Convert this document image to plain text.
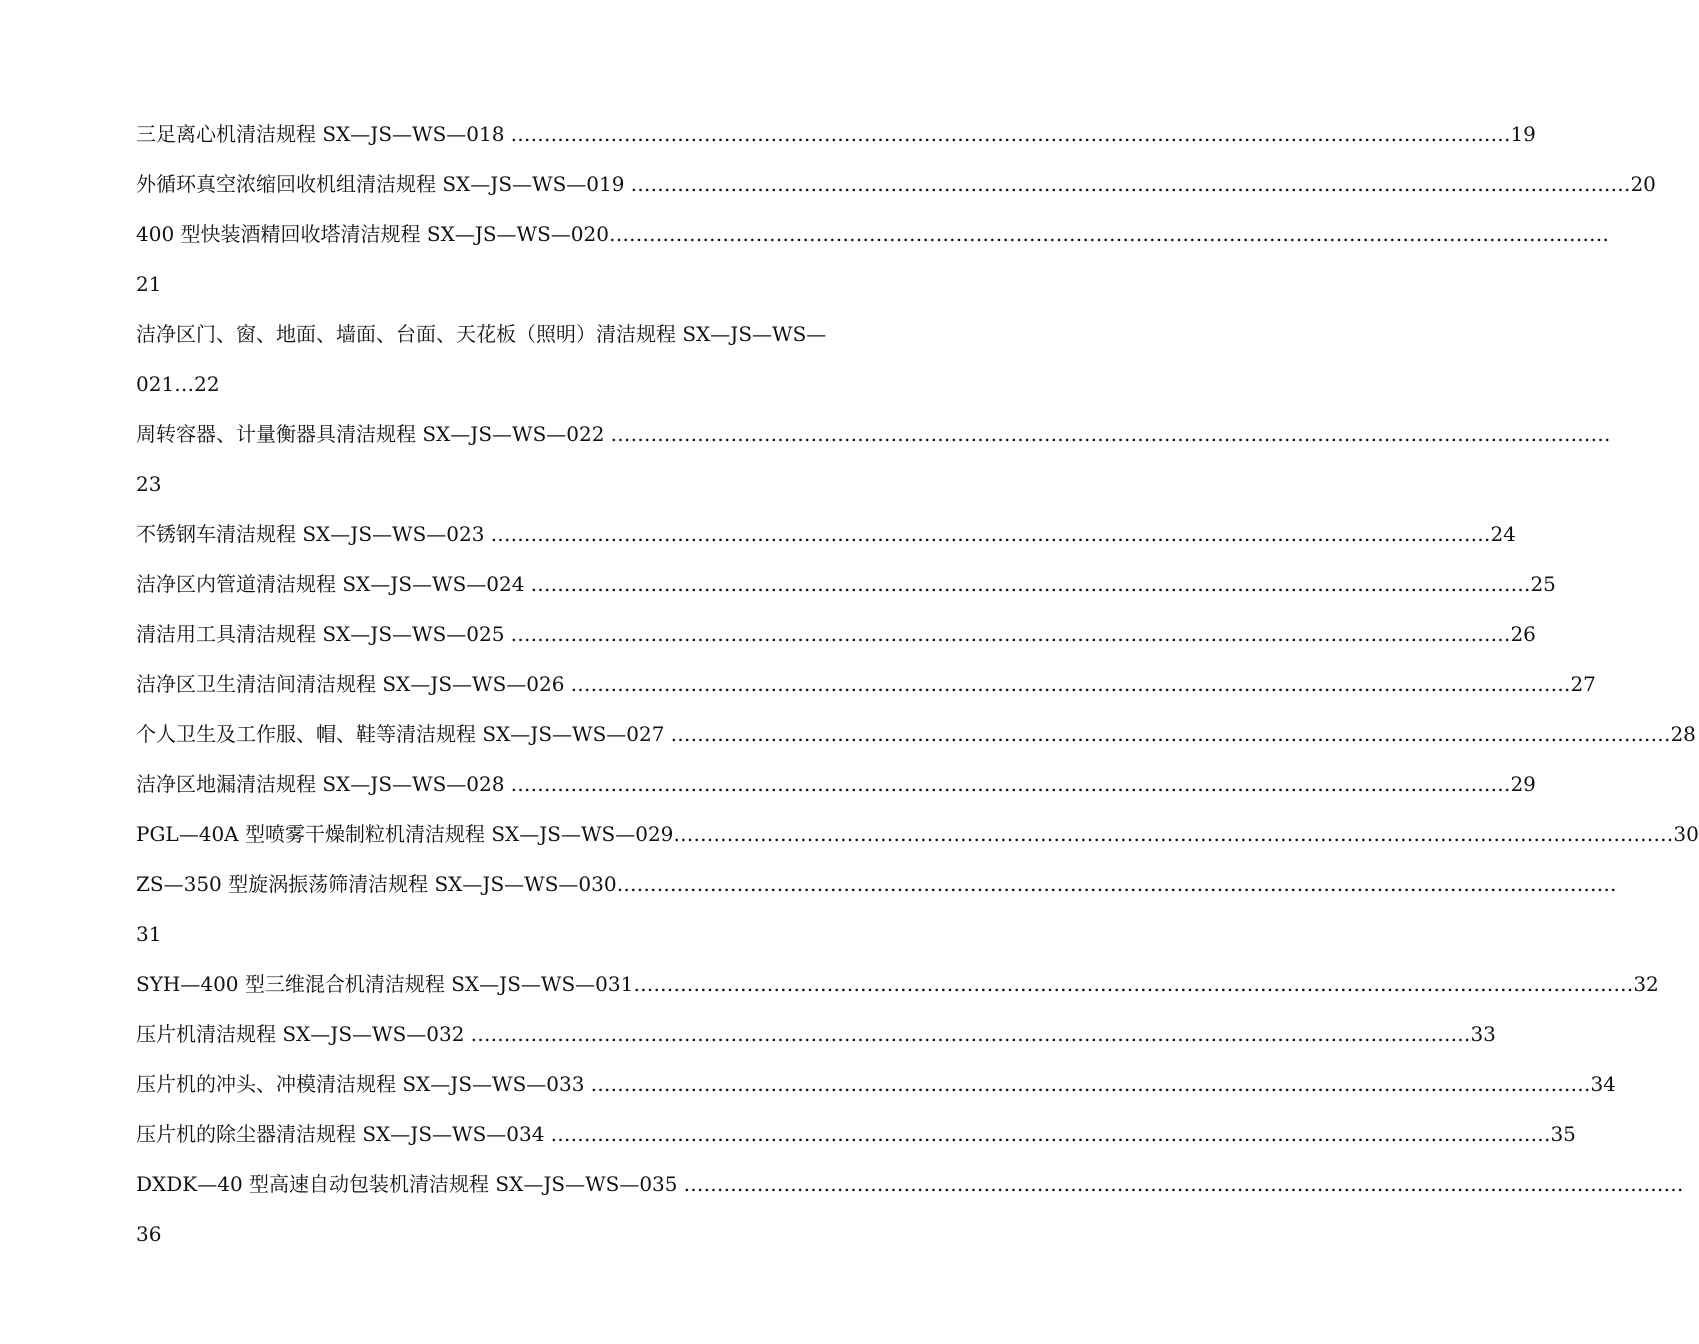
三足离心机清洁规程 SX—JS—WS—018 …………………………………………………………………………………………………………………………………… 19
外循环真空浓缩回收机组清洁规程 SX—JS—WS—019 …………………………………………………………………………………………………………………………………… 20
400 型快装酒精回收塔清洁规程 SX—JS—WS—020 ……………………………………………………………………………………………………………………………………
21
洁净区门、窗、地面、墙面、台面、天花板（照明）清洁规程 SX—JS—WS—
021…22
周转容器、计量衡器具清洁规程 SX—JS—WS—022 ……………………………………………………………………………………………………………………………………
23
不锈钢车清洁规程 SX—JS—WS—023 …………………………………………………………………………………………………………………………………… 24
洁净区内管道清洁规程 SX—JS—WS—024 …………………………………………………………………………………………………………………………………… 25
清洁用工具清洁规程 SX—JS—WS—025 …………………………………………………………………………………………………………………………………… 26
洁净区卫生清洁间清洁规程 SX—JS—WS—026 …………………………………………………………………………………………………………………………………… 27
个人卫生及工作服、帽、鞋等清洁规程 SX—JS—WS—027 …………………………………………………………………………………………………………………………………… 28
洁净区地漏清洁规程 SX—JS—WS—028 …………………………………………………………………………………………………………………………………… 29
PGL—40A 型喷雾干燥制粒机清洁规程 SX—JS—WS—029 …………………………………………………………………………………………………………………………………… 30
ZS—350 型旋涡振荡筛清洁规程 SX—JS—WS—030 ……………………………………………………………………………………………………………………………………
31
SYH—400 型三维混合机清洁规程 SX—JS—WS—031 …………………………………………………………………………………………………………………………………… 32
压片机清洁规程 SX—JS—WS—032 …………………………………………………………………………………………………………………………………… 33
压片机的冲头、冲模清洁规程 SX—JS—WS—033 …………………………………………………………………………………………………………………………………… 34
压片机的除尘器清洁规程 SX—JS—WS—034 …………………………………………………………………………………………………………………………………… 35
DXDK—40 型高速自动包装机清洁规程 SX—JS—WS—035 ……………………………………………………………………………………………………………………………………
36
